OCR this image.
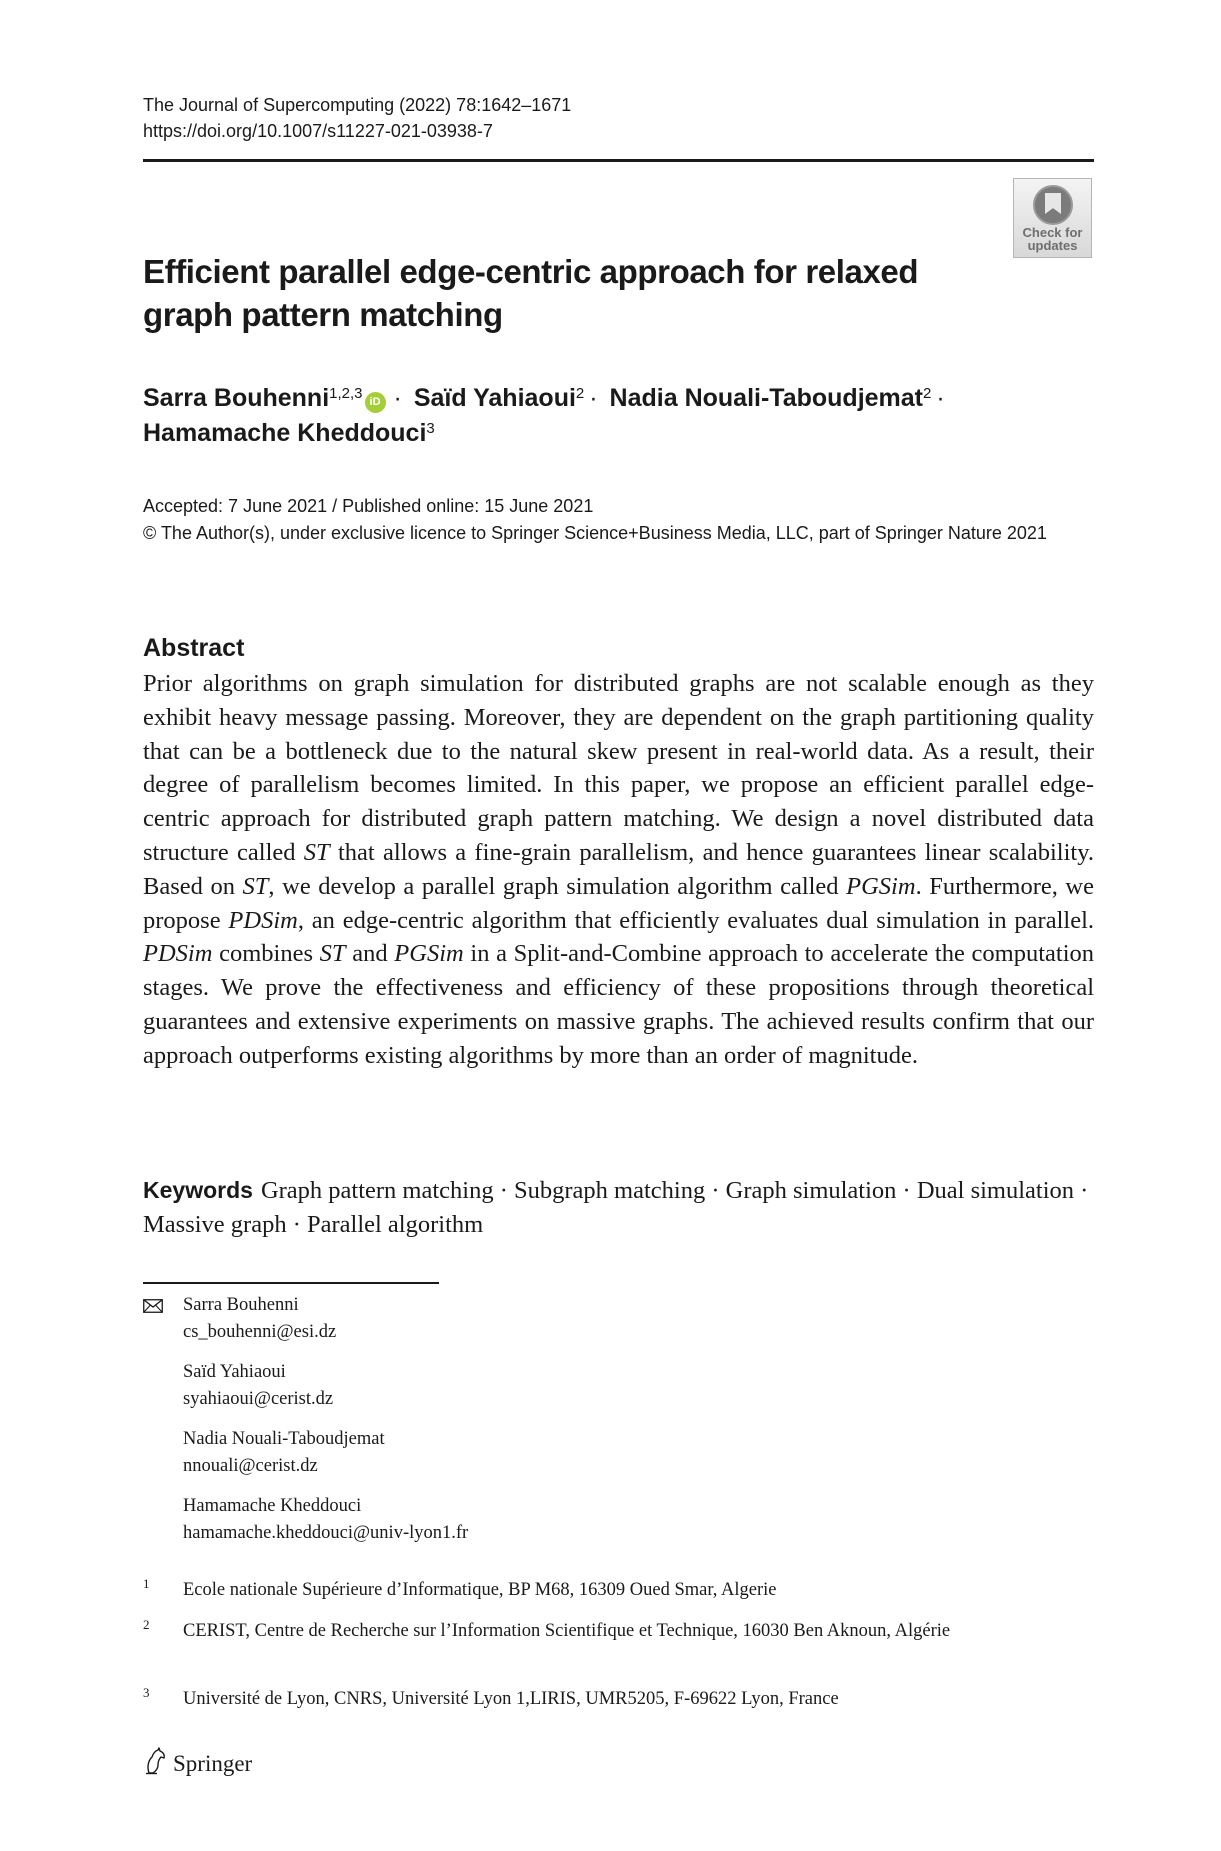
The Journal of Supercomputing (2022) 78:1642–1671
https://doi.org/10.1007/s11227-021-03938-7
Check for
updates
Efficient parallel edge-centric approach for relaxed graph pattern matching
Sarra Bouhenni$^{1,2,3}$ iD · Saïd Yahiaoui$^2$ · Nadia Nouali-Taboudjemat$^2$ ·
Hamamache Kheddouci$^3$
Accepted: 7 June 2021 / Published online: 15 June 2021
© The Author(s), under exclusive licence to Springer Science+Business Media, LLC, part of Springer Nature 2021
Abstract
Prior algorithms on graph simulation for distributed graphs are not scalable enough as they exhibit heavy message passing. Moreover, they are dependent on the graph partitioning quality that can be a bottleneck due to the natural skew present in real-world data. As a result, their degree of parallelism becomes limited. In this paper, we propose an efficient parallel edge-centric approach for distributed graph pattern matching. We design a novel distributed data structure called ST that allows a fine-grain parallelism, and hence guarantees linear scalability. Based on ST, we develop a parallel graph simulation algorithm called PGSim. Furthermore, we propose PDSim, an edge-centric algorithm that efficiently evaluates dual simulation in parallel. PDSim combines ST and PGSim in a Split-and-Combine approach to accelerate the computation stages. We prove the effectiveness and efficiency of these propositions through theoretical guarantees and extensive experiments on massive graphs. The achieved results confirm that our approach outperforms existing algorithms by more than an order of magnitude.
Keywords Graph pattern matching · Subgraph matching · Graph simulation · Dual simulation · Massive graph · Parallel algorithm
Sarra Bouhenni
cs_bouhenni@esi.dz
Saïd Yahiaoui
syahiaoui@cerist.dz
Nadia Nouali-Taboudjemat
nnouali@cerist.dz
Hamamache Kheddouci
hamamache.kheddouci@univ-lyon1.fr
1 Ecole nationale Supérieure d’Informatique, BP M68, 16309 Oued Smar, Algerie
2 CERIST, Centre de Recherche sur l’Information Scientifique et Technique, 16030 Ben Aknoun, Algérie
3 Université de Lyon, CNRS, Université Lyon 1,LIRIS, UMR5205, F-69622 Lyon, France
Springer
